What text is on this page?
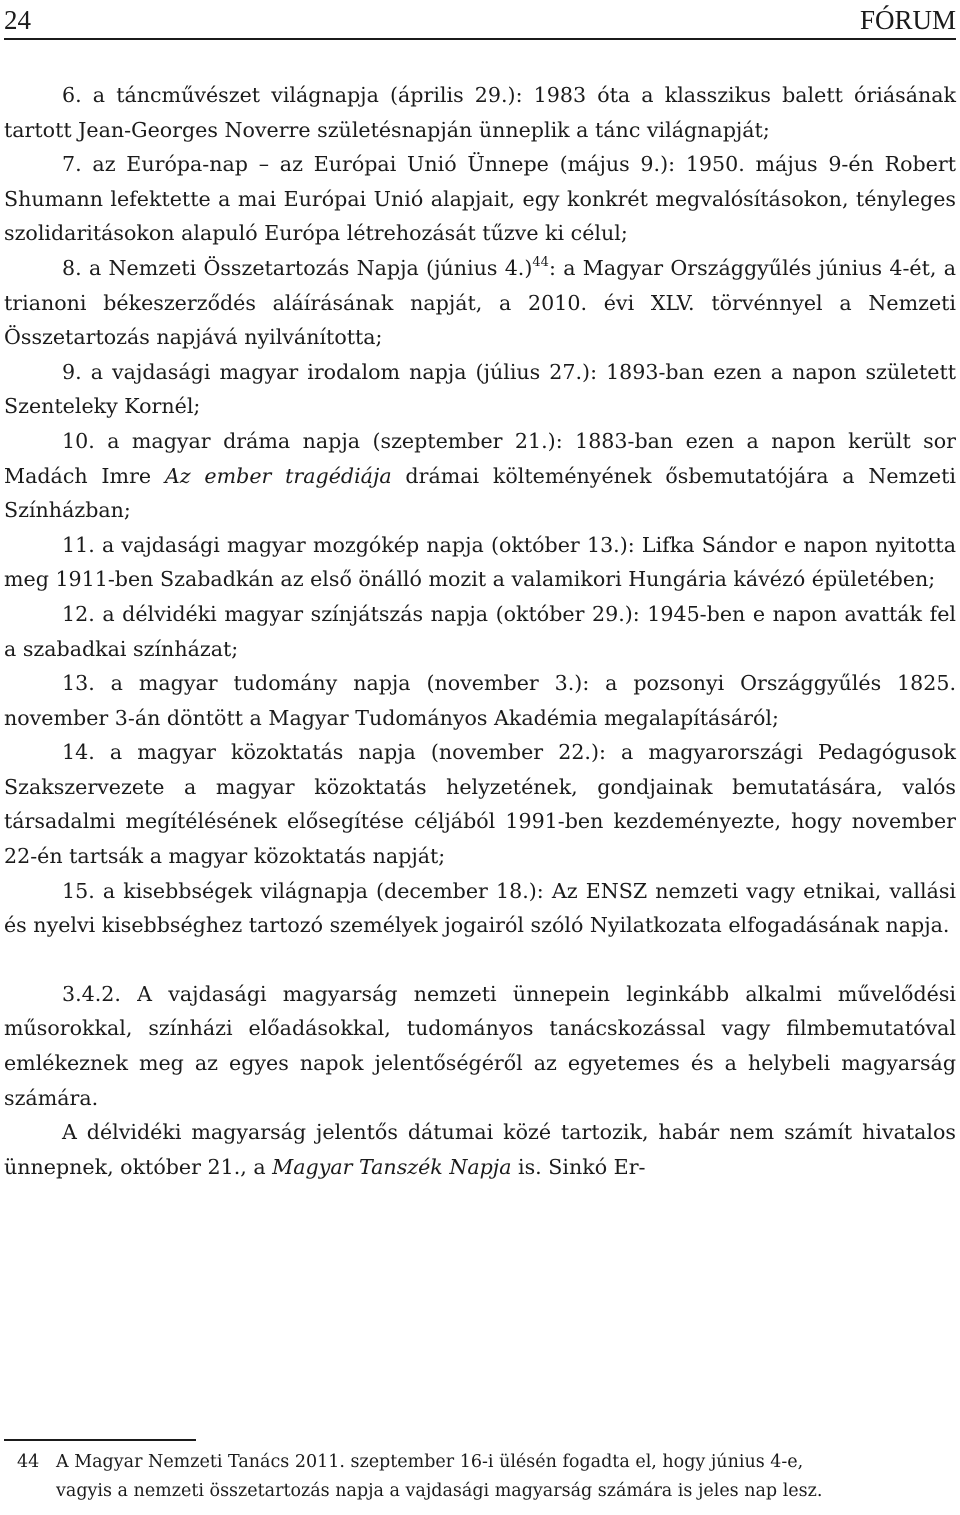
24	FÓRUM

6. a táncművészet világnapja (április 29.): 1983 óta a klasszikus balett óriásának tartott Jean-Georges Noverre születésnapján ünneplik a tánc világnapját;

7. az Európa-nap – az Európai Unió Ünnepe (május 9.): 1950. május 9-én Robert Shumann lefektette a mai Európai Unió alapjait, egy konkrét megvalósításokon, tényleges szolidaritásokon alapuló Európa létrehozását tűzve ki célul;

8. a Nemzeti Összetartozás Napja (június 4.)$^{44}$: a Magyar Országgyűlés június 4-ét, a trianoni békeszerződés aláírásának napját, a 2010. évi XLV. törvénnyel a Nemzeti Összetartozás napjává nyilvánította;

9. a vajdasági magyar irodalom napja (július 27.): 1893-ban ezen a napon született Szenteleky Kornél;

10. a magyar dráma napja (szeptember 21.): 1883-ban ezen a napon került sor Madách Imre Az ember tragédiája drámai költeményének ősbemutatójára a Nemzeti Színházban;

11. a vajdasági magyar mozgókép napja (október 13.): Lifka Sándor e napon nyitotta meg 1911-ben Szabadkán az első önálló mozit a valamikori Hungária kávézó épületében;

12. a délvidéki magyar színjátszás napja (október 29.): 1945-ben e napon avatták fel a szabadkai színházat;

13. a magyar tudomány napja (november 3.): a pozsonyi Országgyűlés 1825. november 3-án döntött a Magyar Tudományos Akadémia megalapításáról;

14. a magyar közoktatás napja (november 22.): a magyarországi Pedagógusok Szakszervezete a magyar közoktatás helyzetének, gondjainak bemutatására, valós társadalmi megítélésének elősegítése céljából 1991-ben kezdeményezte, hogy november 22-én tartsák a magyar közoktatás napját;

15. a kisebbségek világnapja (december 18.): Az ENSZ nemzeti vagy etnikai, vallási és nyelvi kisebbséghez tartozó személyek jogairól szóló Nyilatkozata elfogadásának napja.

3.4.2. A vajdasági magyarság nemzeti ünnepein leginkább alkalmi művelődési műsorokkal, színházi előadásokkal, tudományos tanácskozással vagy filmbemutatóval emlékeznek meg az egyes napok jelentőségéről az egyetemes és a helybeli magyarság számára.

A délvidéki magyarság jelentős dátumai közé tartozik, habár nem számít hivatalos ünnepnek, október 21., a Magyar Tanszék Napja is. Sinkó Er-

44 A Magyar Nemzeti Tanács 2011. szeptember 16-i ülésén fogadta el, hogy június 4-e,
vagyis a nemzeti összetartozás napja a vajdasági magyarság számára is jeles nap lesz.
